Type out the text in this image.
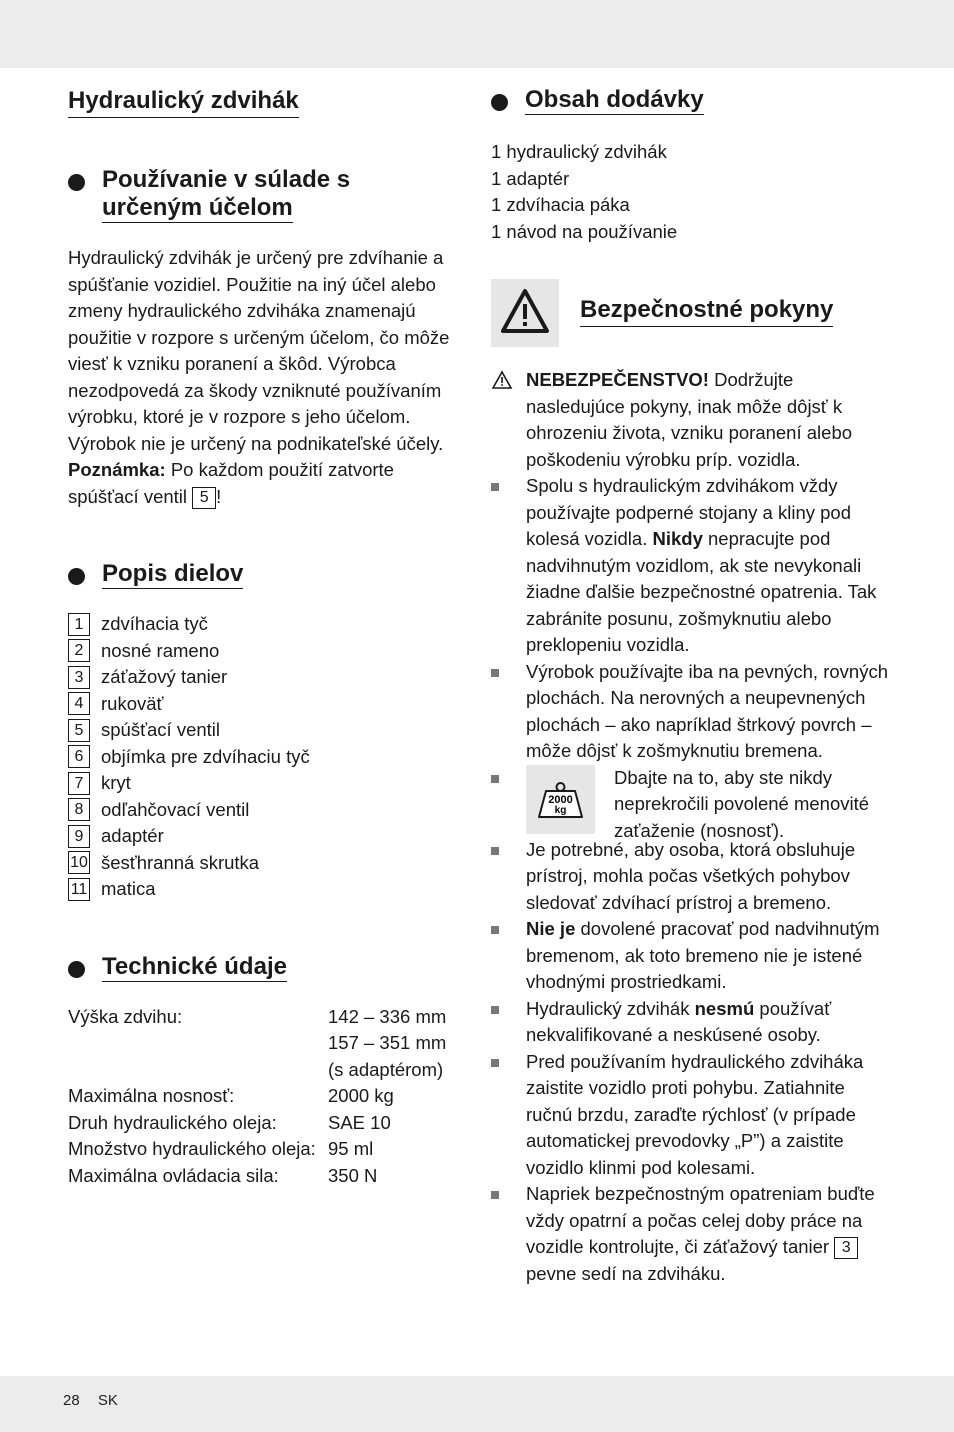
Hydraulický zdvihák
Používanie v súlade s
určeným účelom

Hydraulický zdvihák je určený pre zdvíhanie a spúšťanie vozidiel. Použitie na iný účel alebo zmeny hydraulického zdviháka znamenajú použitie v rozpore s určeným účelom, čo môže viesť k vzniku poranení a škôd. Výrobca nezodpovedá za škody vzniknuté používaním výrobku, ktoré je v rozpore s jeho účelom. Výrobok nie je určený na podnikateľské účely.

Poznámka: Po každom použití zatvorte spúšťací ventil 5 !

Popis dielov
1 zdvíhacia tyč
2 nosné rameno
3 záťažový tanier
4 rukoväť
5 spúšťací ventil
6 objímka pre zdvíhaciu tyč
7 kryt
8 odľahčovací ventil
9 adaptér
10 šesťhranná skrutka
11 matica
Technické údaje
Výška zdvihu:	142 – 336 mm
	157 – 351 mm
	(s adaptérom)
Maximálna nosnosť:	2000 kg
Druh hydraulického oleja:	SAE 10
Množstvo hydraulického oleja:	95 ml
Maximálna ovládacia sila:	350 N
Obsah dodávky
1 hydraulický zdvihák
1 adaptér
1 zdvíhacia páka
1 návod na používanie
Bezpečnostné pokyny
NEBEZPEČENSTVO! Dodržujte nasledujúce pokyny, inak môže dôjsť k ohrozeniu života, vzniku poranení alebo poškodeniu výrobku príp. vozidla.
Spolu s hydraulickým zdvihákom vždy používajte podperné stojany a kliny pod kolesá vozidla. Nikdy nepracujte pod nadvihnutým vozidlom, ak ste nevykonali žiadne ďalšie bezpečnostné opatrenia. Tak zabránite posunu, zošmyknutiu alebo preklopeniu vozidla.
Výrobok používajte iba na pevných, rovných plochách. Na nerovných a neupevnených plochách – ako napríklad štrkový povrch – môže dôjsť k zošmyknutiu bremena.
2000
kg
Dbajte na to, aby ste nikdy neprekročili povolené menovité zaťaženie (nosnosť).
Je potrebné, aby osoba, ktorá obsluhuje prístroj, mohla počas všetkých pohybov sledovať zdvíhací prístroj a bremeno.
Nie je dovolené pracovať pod nadvihnutým bremenom, ak toto bremeno nie je istené vhodnými prostriedkami.
Hydraulický zdvihák nesmú používať nekvalifikované a neskúsené osoby.
Pred používaním hydraulického zdviháka zaistite vozidlo proti pohybu. Zatiahnite ručnú brzdu, zaraďte rýchlosť (v prípade automatickej prevodovky „P”) a zaistite vozidlo klinmi pod kolesami.
Napriek bezpečnostným opatreniam buďte vždy opatrní a počas celej doby práce na vozidle kontrolujte, či záťažový tanier 3 pevne sedí na zdviháku.
28 SK
